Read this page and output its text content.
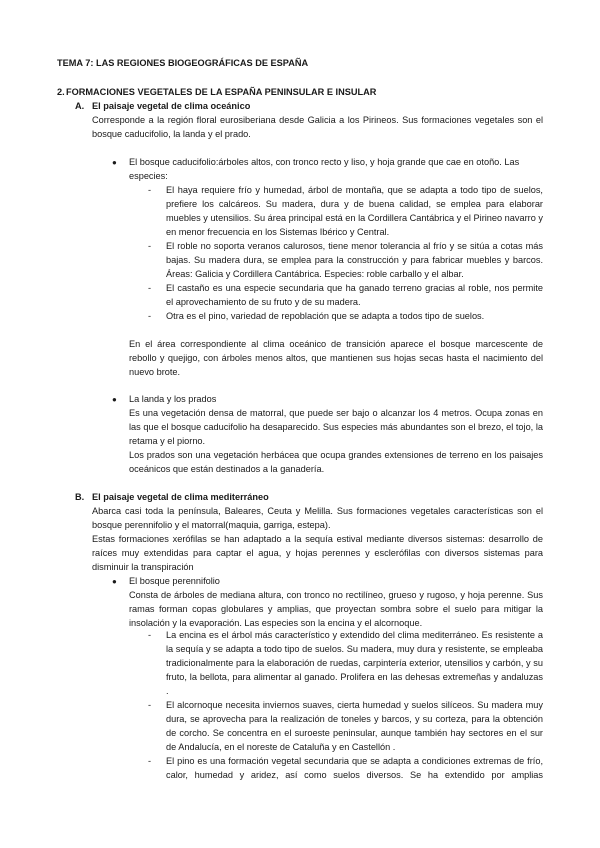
TEMA 7: LAS REGIONES BIOGEOGRÁFICAS DE ESPAÑA

2. FORMACIONES VEGETALES DE LA ESPAÑA PENINSULAR E INSULAR

A. El paisaje vegetal de clima oceánico

Corresponde a la región floral eurosiberiana desde Galicia a los Pirineos. Sus formaciones vegetales son el bosque caducifolio, la landa y el prado.

● El bosque caducifolio:árboles altos, con tronco recto y liso, y hoja grande que cae en otoño. Las especies:

- El haya requiere frío y humedad, árbol de montaña, que se adapta a todo tipo de suelos, prefiere los calcáreos. Su madera, dura y de buena calidad, se emplea para elaborar muebles y utensilios. Su área principal está en la Cordillera Cantábrica y el Pirineo navarro y en menor frecuencia en los Sistemas Ibérico y Central.

- El roble no soporta veranos calurosos, tiene menor tolerancia al frío y se sitúa a cotas más bajas. Su madera dura, se emplea para la construcción y para fabricar muebles y barcos. Áreas: Galicia y Cordillera Cantábrica. Especies: roble carballo y el albar.

- El castaño es una especie secundaria que ha ganado terreno gracias al roble, nos permite el aprovechamiento de su fruto y de su madera.

- Otra es el pino, variedad de repoblación que se adapta a todos tipo de suelos.

En el área correspondiente al clima oceánico de transición aparece el bosque marcescente de rebollo y quejigo, con árboles menos altos, que mantienen sus hojas secas hasta el nacimiento del nuevo brote.

● La landa y los prados

Es una vegetación densa de matorral, que puede ser bajo o alcanzar los 4 metros. Ocupa zonas en las que el bosque caducifolio ha desaparecido. Sus especies más abundantes son el brezo, el tojo, la retama y el piorno.

Los prados son una vegetación herbácea que ocupa grandes extensiones de terreno en los paisajes oceánicos que están destinados a la ganadería.

B. El paisaje vegetal de clima mediterráneo

Abarca casi toda la península, Baleares, Ceuta y Melilla. Sus formaciones vegetales características son el bosque perennifolio y el matorral(maquia, garriga, estepa).

Estas formaciones xerófilas se han adaptado a la sequía estival mediante diversos sistemas: desarrollo de raíces muy extendidas para captar el agua, y hojas perennes y esclerófilas con diversos sistemas para disminuir la transpiración

● El bosque perennifolio

Consta de árboles de mediana altura, con tronco no rectilíneo, grueso y rugoso, y hoja perenne. Sus ramas forman copas globulares y amplias, que proyectan sombra sobre el suelo para mitigar la insolación y la evaporación. Las especies son la encina y el alcornoque.

- La encina es el árbol más característico y extendido del clima mediterráneo. Es resistente a la sequía y se adapta a todo tipo de suelos. Su madera, muy dura y resistente, se empleaba tradicionalmente para la elaboración de ruedas, carpintería exterior, utensilios y carbón, y su fruto, la bellota, para alimentar al ganado. Prolifera en las dehesas extremeñas y andaluzas .

- El alcornoque necesita inviernos suaves, cierta humedad y suelos silíceos. Su madera muy dura, se aprovecha para la realización de toneles y barcos, y su corteza, para la obtención de corcho. Se concentra en el suroeste peninsular, aunque también hay sectores en el sur de Andalucía, en el noreste de Cataluña y en Castellón .

- El pino es una formación vegetal secundaria que se adapta a condiciones extremas de frío, calor, humedad y aridez, así como suelos diversos. Se ha extendido por amplias
